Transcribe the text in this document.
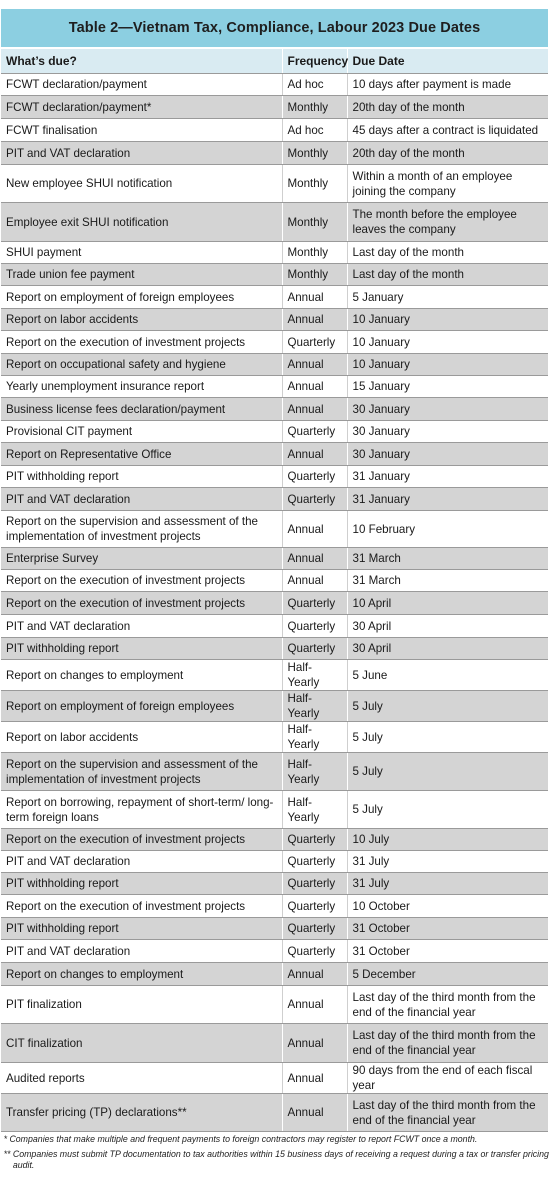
Table 2—Vietnam Tax, Compliance, Labour 2023 Due Dates
What’s due?	Frequency	Due Date
FCWT declaration/payment	Ad hoc	10 days after payment is made
FCWT declaration/payment*	Monthly	20th day of the month
FCWT finalisation	Ad hoc	45 days after a contract is liquidated
PIT and VAT declaration	Monthly	20th day of the month
New employee SHUI notification	Monthly	Within a month of an employee joining the company
Employee exit SHUI notification	Monthly	The month before the employee leaves the company
SHUI payment	Monthly	Last day of the month
Trade union fee payment	Monthly	Last day of the month
Report on employment of foreign employees	Annual	5 January
Report on labor accidents	Annual	10 January
Report on the execution of investment projects	Quarterly	10 January
Report on occupational safety and hygiene	Annual	10 January
Yearly unemployment insurance report	Annual	15 January
Business license fees declaration/payment	Annual	30 January
Provisional CIT payment	Quarterly	30 January
Report on Representative Office	Annual	30 January
PIT withholding report	Quarterly	31 January
PIT and VAT declaration	Quarterly	31 January
Report on the supervision and assessment of the implementation of investment projects	Annual	10 February
Enterprise Survey	Annual	31 March
Report on the execution of investment projects	Annual	31 March
Report on the execution of investment projects	Quarterly	10 April
PIT and VAT declaration	Quarterly	30 April
PIT withholding report	Quarterly	30 April
Report on changes to employment	Half-Yearly	5 June
Report on employment of foreign employees	Half-Yearly	5 July
Report on labor accidents	Half-Yearly	5 July
Report on the supervision and assessment of the implementation of investment projects	Half-Yearly	5 July
Report on borrowing, repayment of short-term/ long-term foreign loans	Half-Yearly	5 July
Report on the execution of investment projects	Quarterly	10 July
PIT and VAT declaration	Quarterly	31 July
PIT withholding report	Quarterly	31 July
Report on the execution of investment projects	Quarterly	10 October
PIT withholding report	Quarterly	31 October
PIT and VAT declaration	Quarterly	31 October
Report on changes to employment	Annual	5 December
PIT finalization	Annual	Last day of the third month from the end of the financial year
CIT finalization	Annual	Last day of the third month from the end of the financial year
Audited reports	Annual	90 days from the end of each fiscal year
Transfer pricing (TP) declarations**	Annual	Last day of the third month from the end of the financial year
* Companies that make multiple and frequent payments to foreign contractors may register to report FCWT once a month.
** Companies must submit TP documentation to tax authorities within 15 business days of receiving a request during a tax or transfer pricing audit.
